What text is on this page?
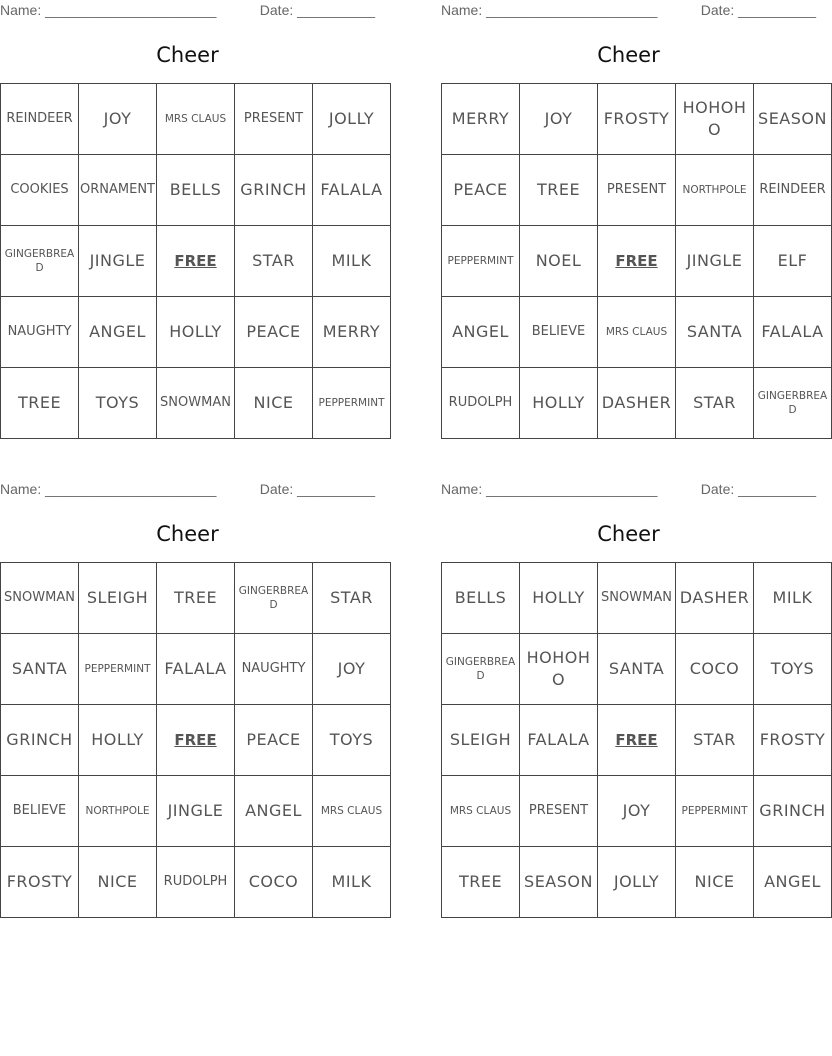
Name: ______________________	Date: __________
Cheer
REINDEER	JOY	MRS CLAUS	PRESENT	JOLLY
COOKIES	ORNAMENT	BELLS	GRINCH	FALALA
GINGERBREAD	JINGLE	FREE	STAR	MILK
NAUGHTY	ANGEL	HOLLY	PEACE	MERRY
TREE	TOYS	SNOWMAN	NICE	PEPPERMINT
Name: ______________________	Date: __________
Cheer
MERRY	JOY	FROSTY	HOHOHO	SEASON
PEACE	TREE	PRESENT	NORTHPOLE	REINDEER
PEPPERMINT	NOEL	FREE	JINGLE	ELF
ANGEL	BELIEVE	MRS CLAUS	SANTA	FALALA
RUDOLPH	HOLLY	DASHER	STAR	GINGERBREAD
Name: ______________________	Date: __________
Cheer
SNOWMAN	SLEIGH	TREE	GINGERBREAD	STAR
SANTA	PEPPERMINT	FALALA	NAUGHTY	JOY
GRINCH	HOLLY	FREE	PEACE	TOYS
BELIEVE	NORTHPOLE	JINGLE	ANGEL	MRS CLAUS
FROSTY	NICE	RUDOLPH	COCO	MILK
Name: ______________________	Date: __________
Cheer
BELLS	HOLLY	SNOWMAN	DASHER	MILK
GINGERBREAD	HOHOHO	SANTA	COCO	TOYS
SLEIGH	FALALA	FREE	STAR	FROSTY
MRS CLAUS	PRESENT	JOY	PEPPERMINT	GRINCH
TREE	SEASON	JOLLY	NICE	ANGEL
